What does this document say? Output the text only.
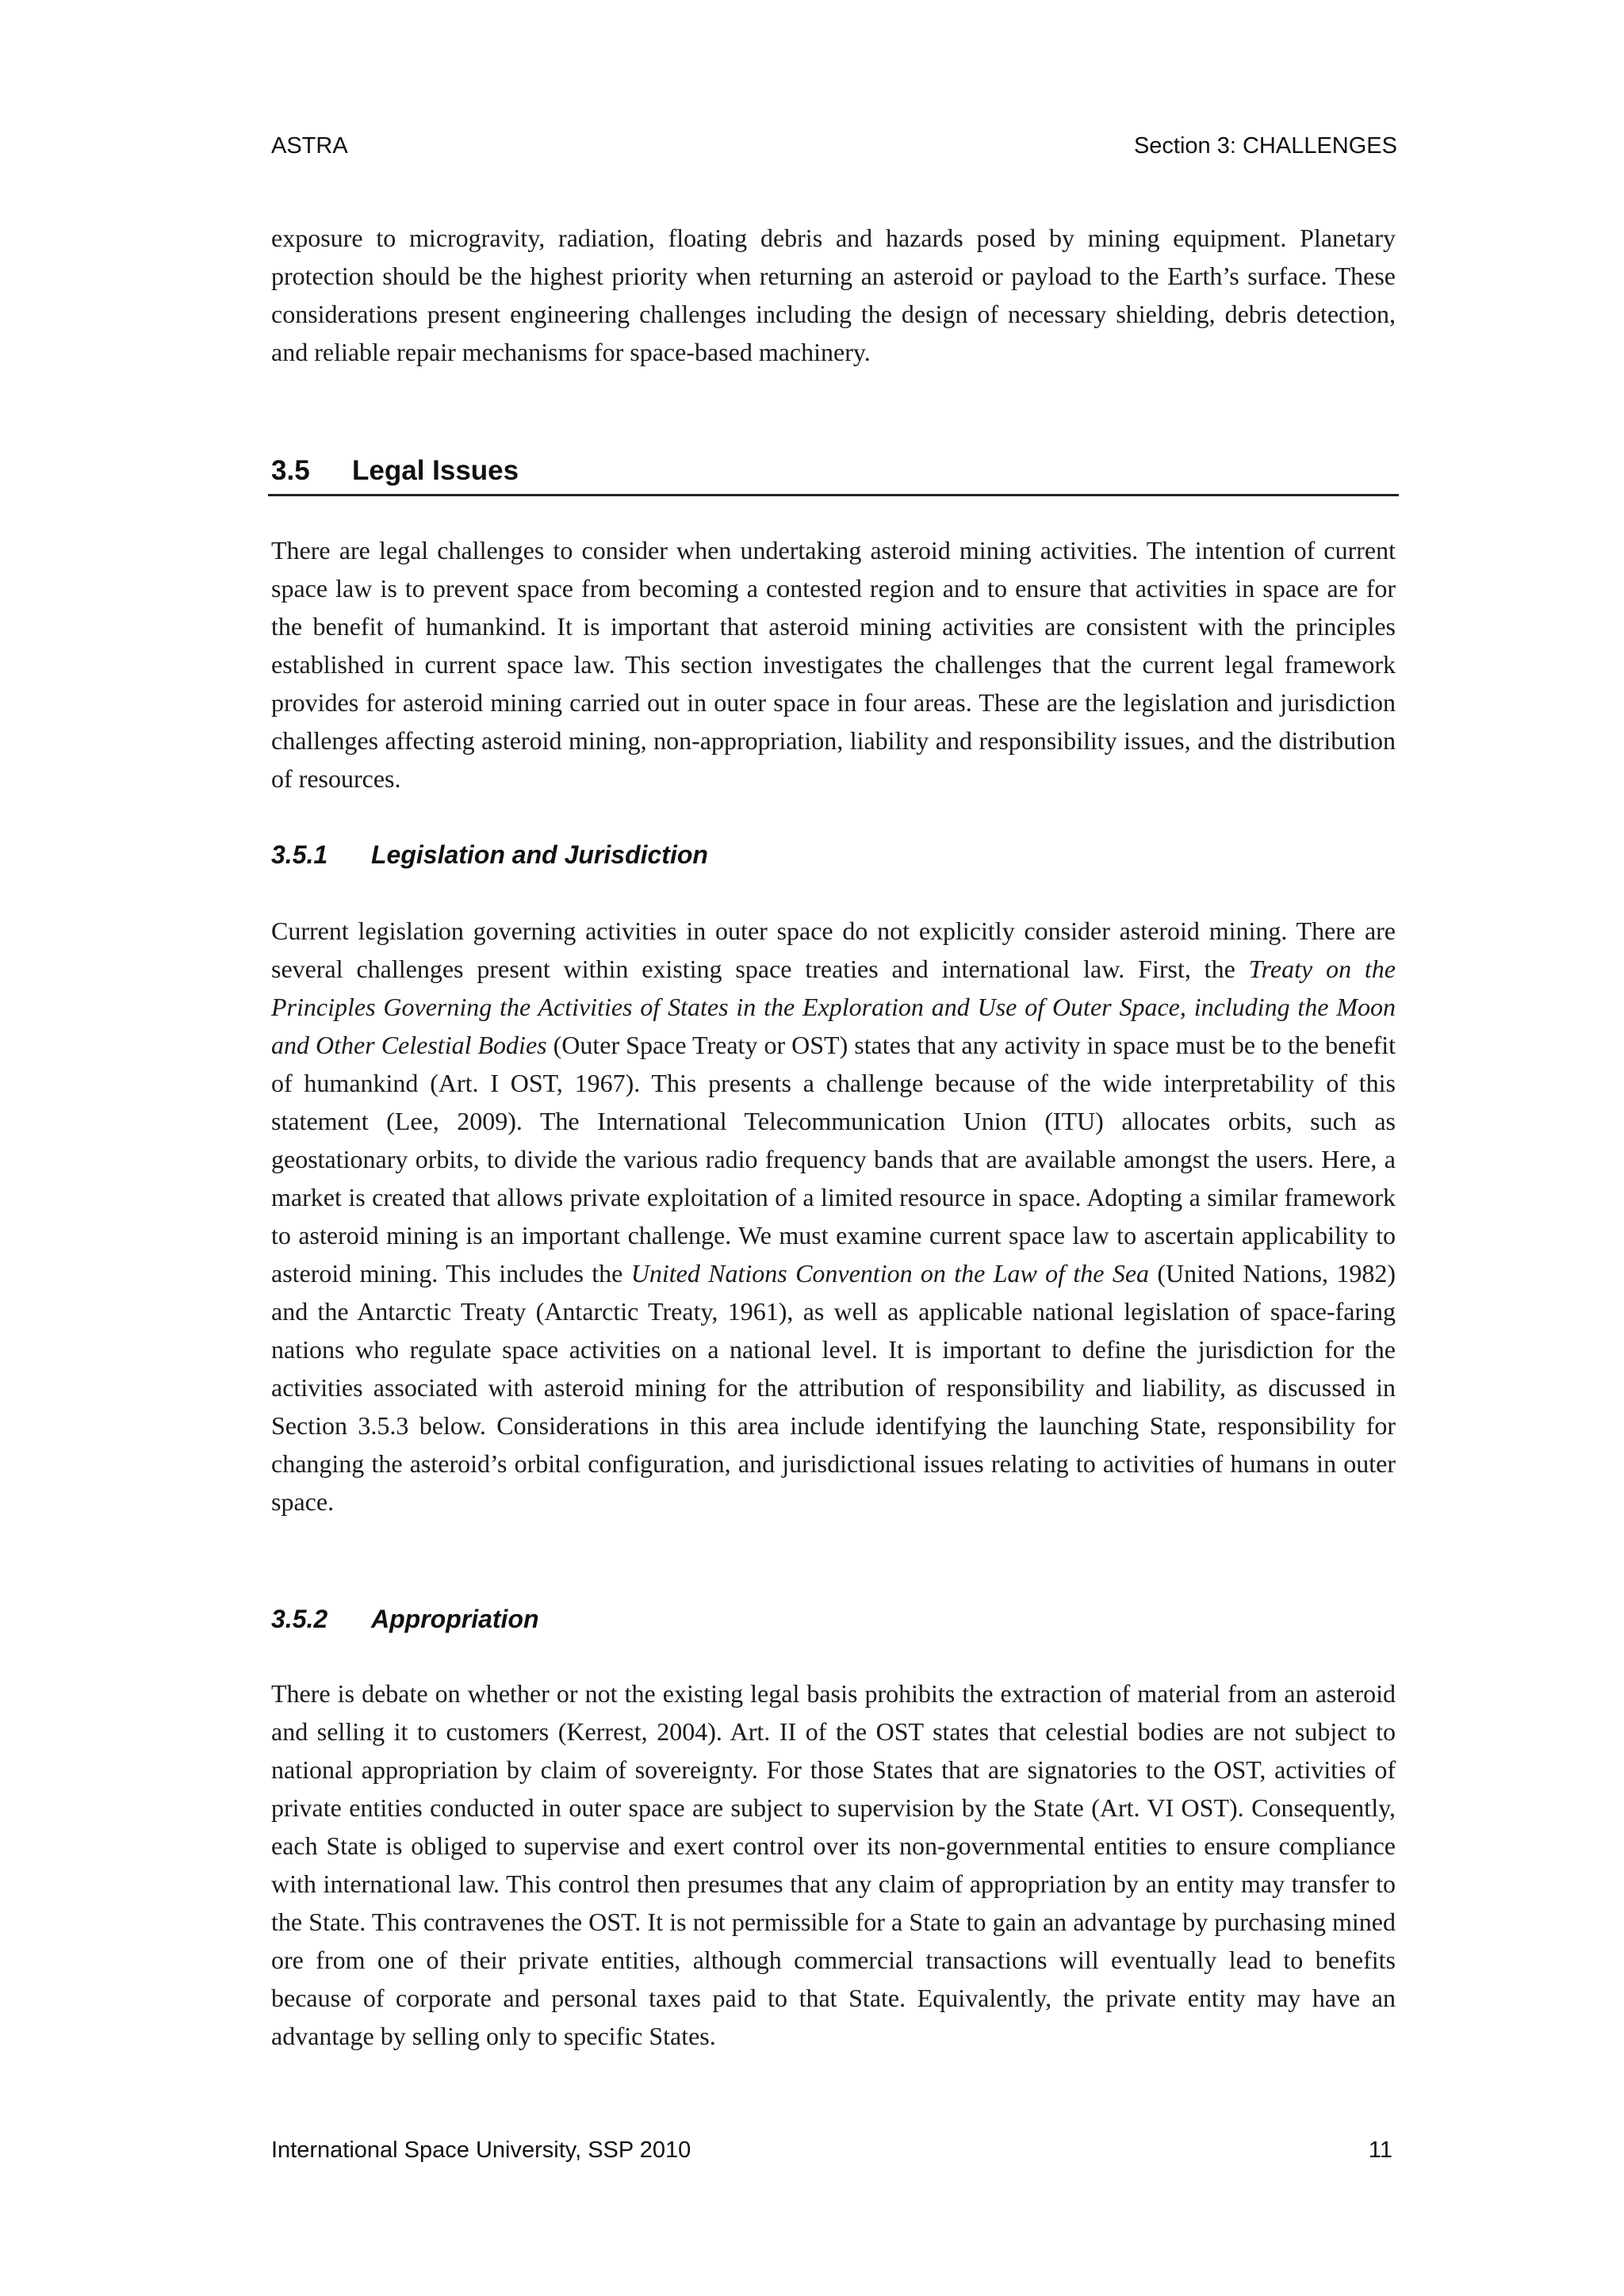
ASTRA	Section 3: CHALLENGES

exposure to microgravity, radiation, floating debris and hazards posed by mining equipment. Planetary protection should be the highest priority when returning an asteroid or payload to the Earth’s surface. These considerations present engineering challenges including the design of necessary shielding, debris detection, and reliable repair mechanisms for space-based machinery.

3.5 Legal Issues

There are legal challenges to consider when undertaking asteroid mining activities. The intention of current space law is to prevent space from becoming a contested region and to ensure that activities in space are for the benefit of humankind. It is important that asteroid mining activities are consistent with the principles established in current space law. This section investigates the challenges that the current legal framework provides for asteroid mining carried out in outer space in four areas. These are the legislation and jurisdiction challenges affecting asteroid mining, non-appropriation, liability and responsibility issues, and the distribution of resources.

3.5.1 Legislation and Jurisdiction

Current legislation governing activities in outer space do not explicitly consider asteroid mining. There are several challenges present within existing space treaties and international law. First, the Treaty on the Principles Governing the Activities of States in the Exploration and Use of Outer Space, including the Moon and Other Celestial Bodies (Outer Space Treaty or OST) states that any activity in space must be to the benefit of humankind (Art. I OST, 1967). This presents a challenge because of the wide interpretability of this statement (Lee, 2009). The International Telecommunication Union (ITU) allocates orbits, such as geostationary orbits, to divide the various radio frequency bands that are available amongst the users. Here, a market is created that allows private exploitation of a limited resource in space. Adopting a similar framework to asteroid mining is an important challenge. We must examine current space law to ascertain applicability to asteroid mining. This includes the United Nations Convention on the Law of the Sea (United Nations, 1982) and the Antarctic Treaty (Antarctic Treaty, 1961), as well as applicable national legislation of space-faring nations who regulate space activities on a national level. It is important to define the jurisdiction for the activities associated with asteroid mining for the attribution of responsibility and liability, as discussed in Section 3.5.3 below. Considerations in this area include identifying the launching State, responsibility for changing the asteroid’s orbital configuration, and jurisdictional issues relating to activities of humans in outer space.

3.5.2 Appropriation

There is debate on whether or not the existing legal basis prohibits the extraction of material from an asteroid and selling it to customers (Kerrest, 2004). Art. II of the OST states that celestial bodies are not subject to national appropriation by claim of sovereignty. For those States that are signatories to the OST, activities of private entities conducted in outer space are subject to supervision by the State (Art. VI OST). Consequently, each State is obliged to supervise and exert control over its non-governmental entities to ensure compliance with international law. This control then presumes that any claim of appropriation by an entity may transfer to the State. This contravenes the OST. It is not permissible for a State to gain an advantage by purchasing mined ore from one of their private entities, although commercial transactions will eventually lead to benefits because of corporate and personal taxes paid to that State. Equivalently, the private entity may have an advantage by selling only to specific States.

International Space University, SSP 2010	11
